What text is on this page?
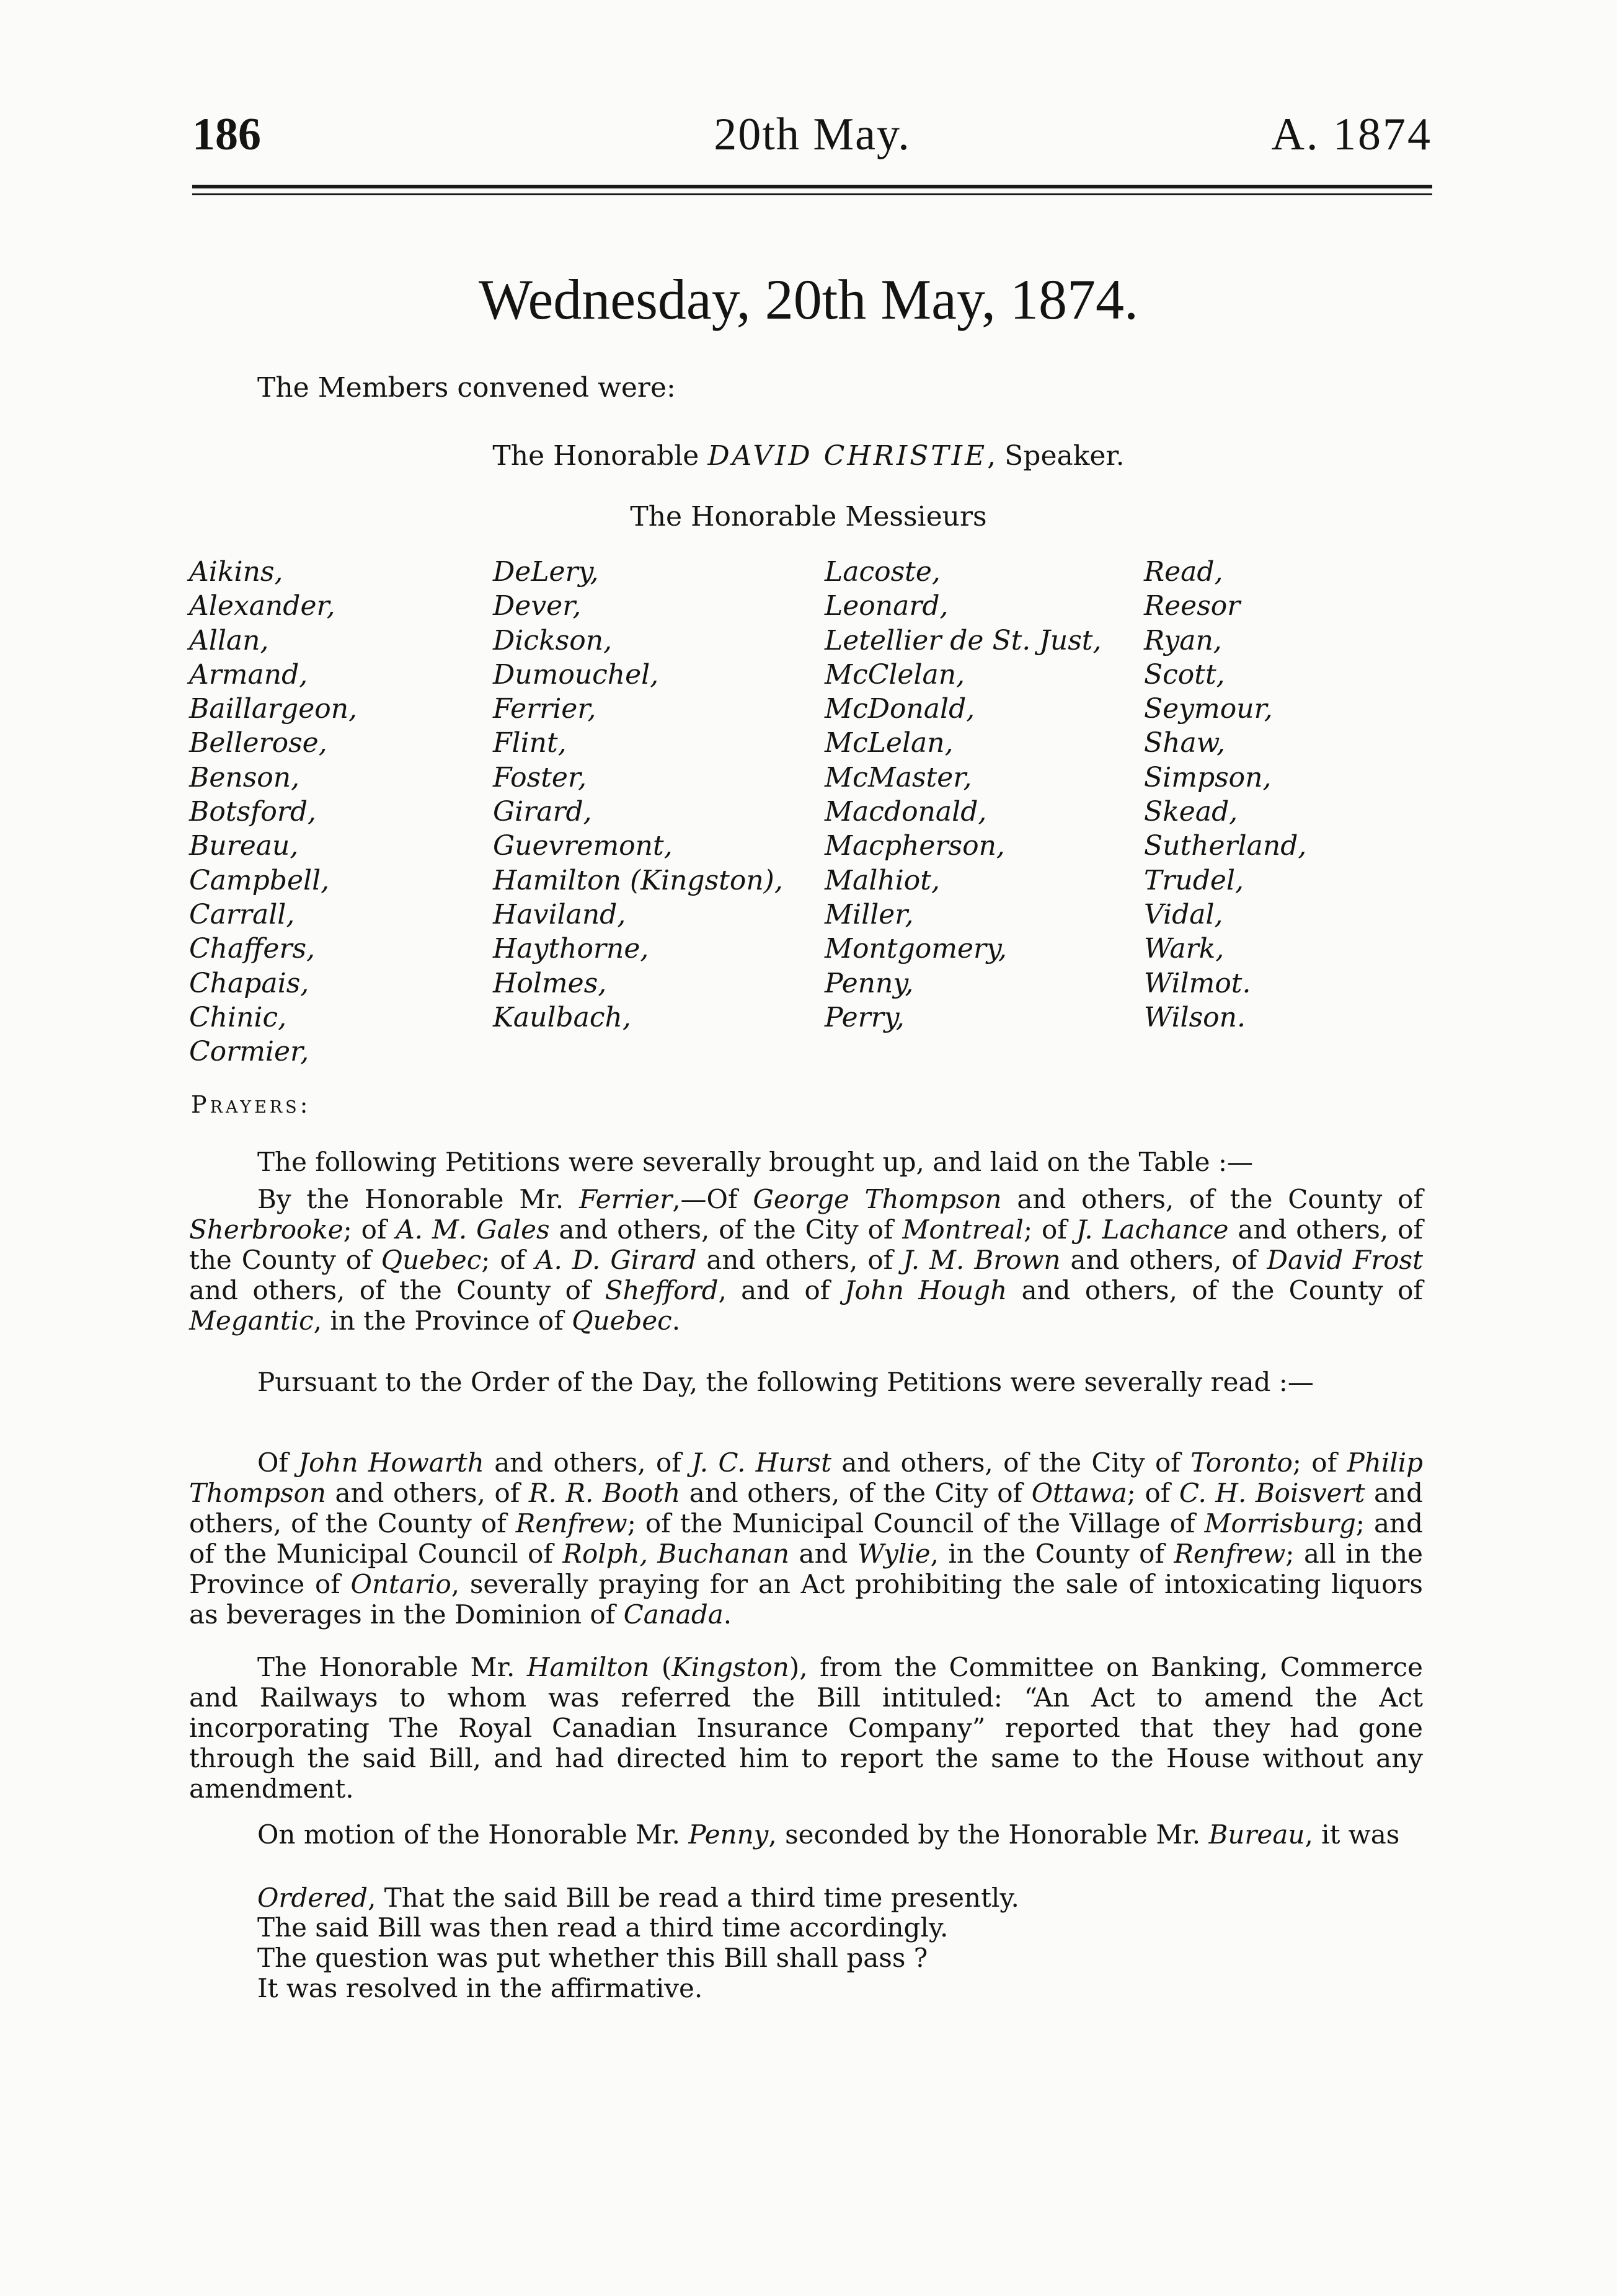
186	20th May.	A. 1874
Wednesday, 20th May, 1874.
The Members convened were:
The Honorable DAVID CHRISTIE, Speaker.
The Honorable Messieurs
Aikins,
Alexander,
Allan,
Armand,
Baillargeon,
Bellerose,
Benson,
Botsford,
Bureau,
Campbell,
Carrall,
Chaffers,
Chapais,
Chinic,
Cormier,
DeLery,
Dever,
Dickson,
Dumouchel,
Ferrier,
Flint,
Foster,
Girard,
Guevremont,
Hamilton (Kingston),
Haviland,
Haythorne,
Holmes,
Kaulbach,
Lacoste,
Leonard,
Letellier de St. Just,
McClelan,
McDonald,
McLelan,
McMaster,
Macdonald,
Macpherson,
Malhiot,
Miller,
Montgomery,
Penny,
Perry,
Read,
Reesor
Ryan,
Scott,
Seymour,
Shaw,
Simpson,
Skead,
Sutherland,
Trudel,
Vidal,
Wark,
Wilmot.
Wilson.
Prayers:
The following Petitions were severally brought up, and laid on the Table :—
By the Honorable Mr. Ferrier,—Of George Thompson and others, of the County of Sherbrooke; of A. M. Gales and others, of the City of Montreal; of J. Lachance and others, of the County of Quebec; of A. D. Girard and others, of J. M. Brown and others, of David Frost and others, of the County of Shefford, and of John Hough and others, of the County of Megantic, in the Province of Quebec.
Pursuant to the Order of the Day, the following Petitions were severally read :—
Of John Howarth and others, of J. C. Hurst and others, of the City of Toronto; of Philip Thompson and others, of R. R. Booth and others, of the City of Ottawa; of C. H. Boisvert and others, of the County of Renfrew; of the Municipal Council of the Village of Morrisburg; and of the Municipal Council of Rolph, Buchanan and Wylie, in the County of Renfrew; all in the Province of Ontario, severally praying for an Act prohibiting the sale of intoxicating liquors as beverages in the Dominion of Canada.
The Honorable Mr. Hamilton (Kingston), from the Committee on Banking, Commerce and Railways to whom was referred the Bill intituled: “An Act to amend the Act incorporating The Royal Canadian Insurance Company” reported that they had gone through the said Bill, and had directed him to report the same to the House without any amendment.
On motion of the Honorable Mr. Penny, seconded by the Honorable Mr. Bureau, it was
Ordered, That the said Bill be read a third time presently.
The said Bill was then read a third time accordingly.
The question was put whether this Bill shall pass ?
It was resolved in the affirmative.
